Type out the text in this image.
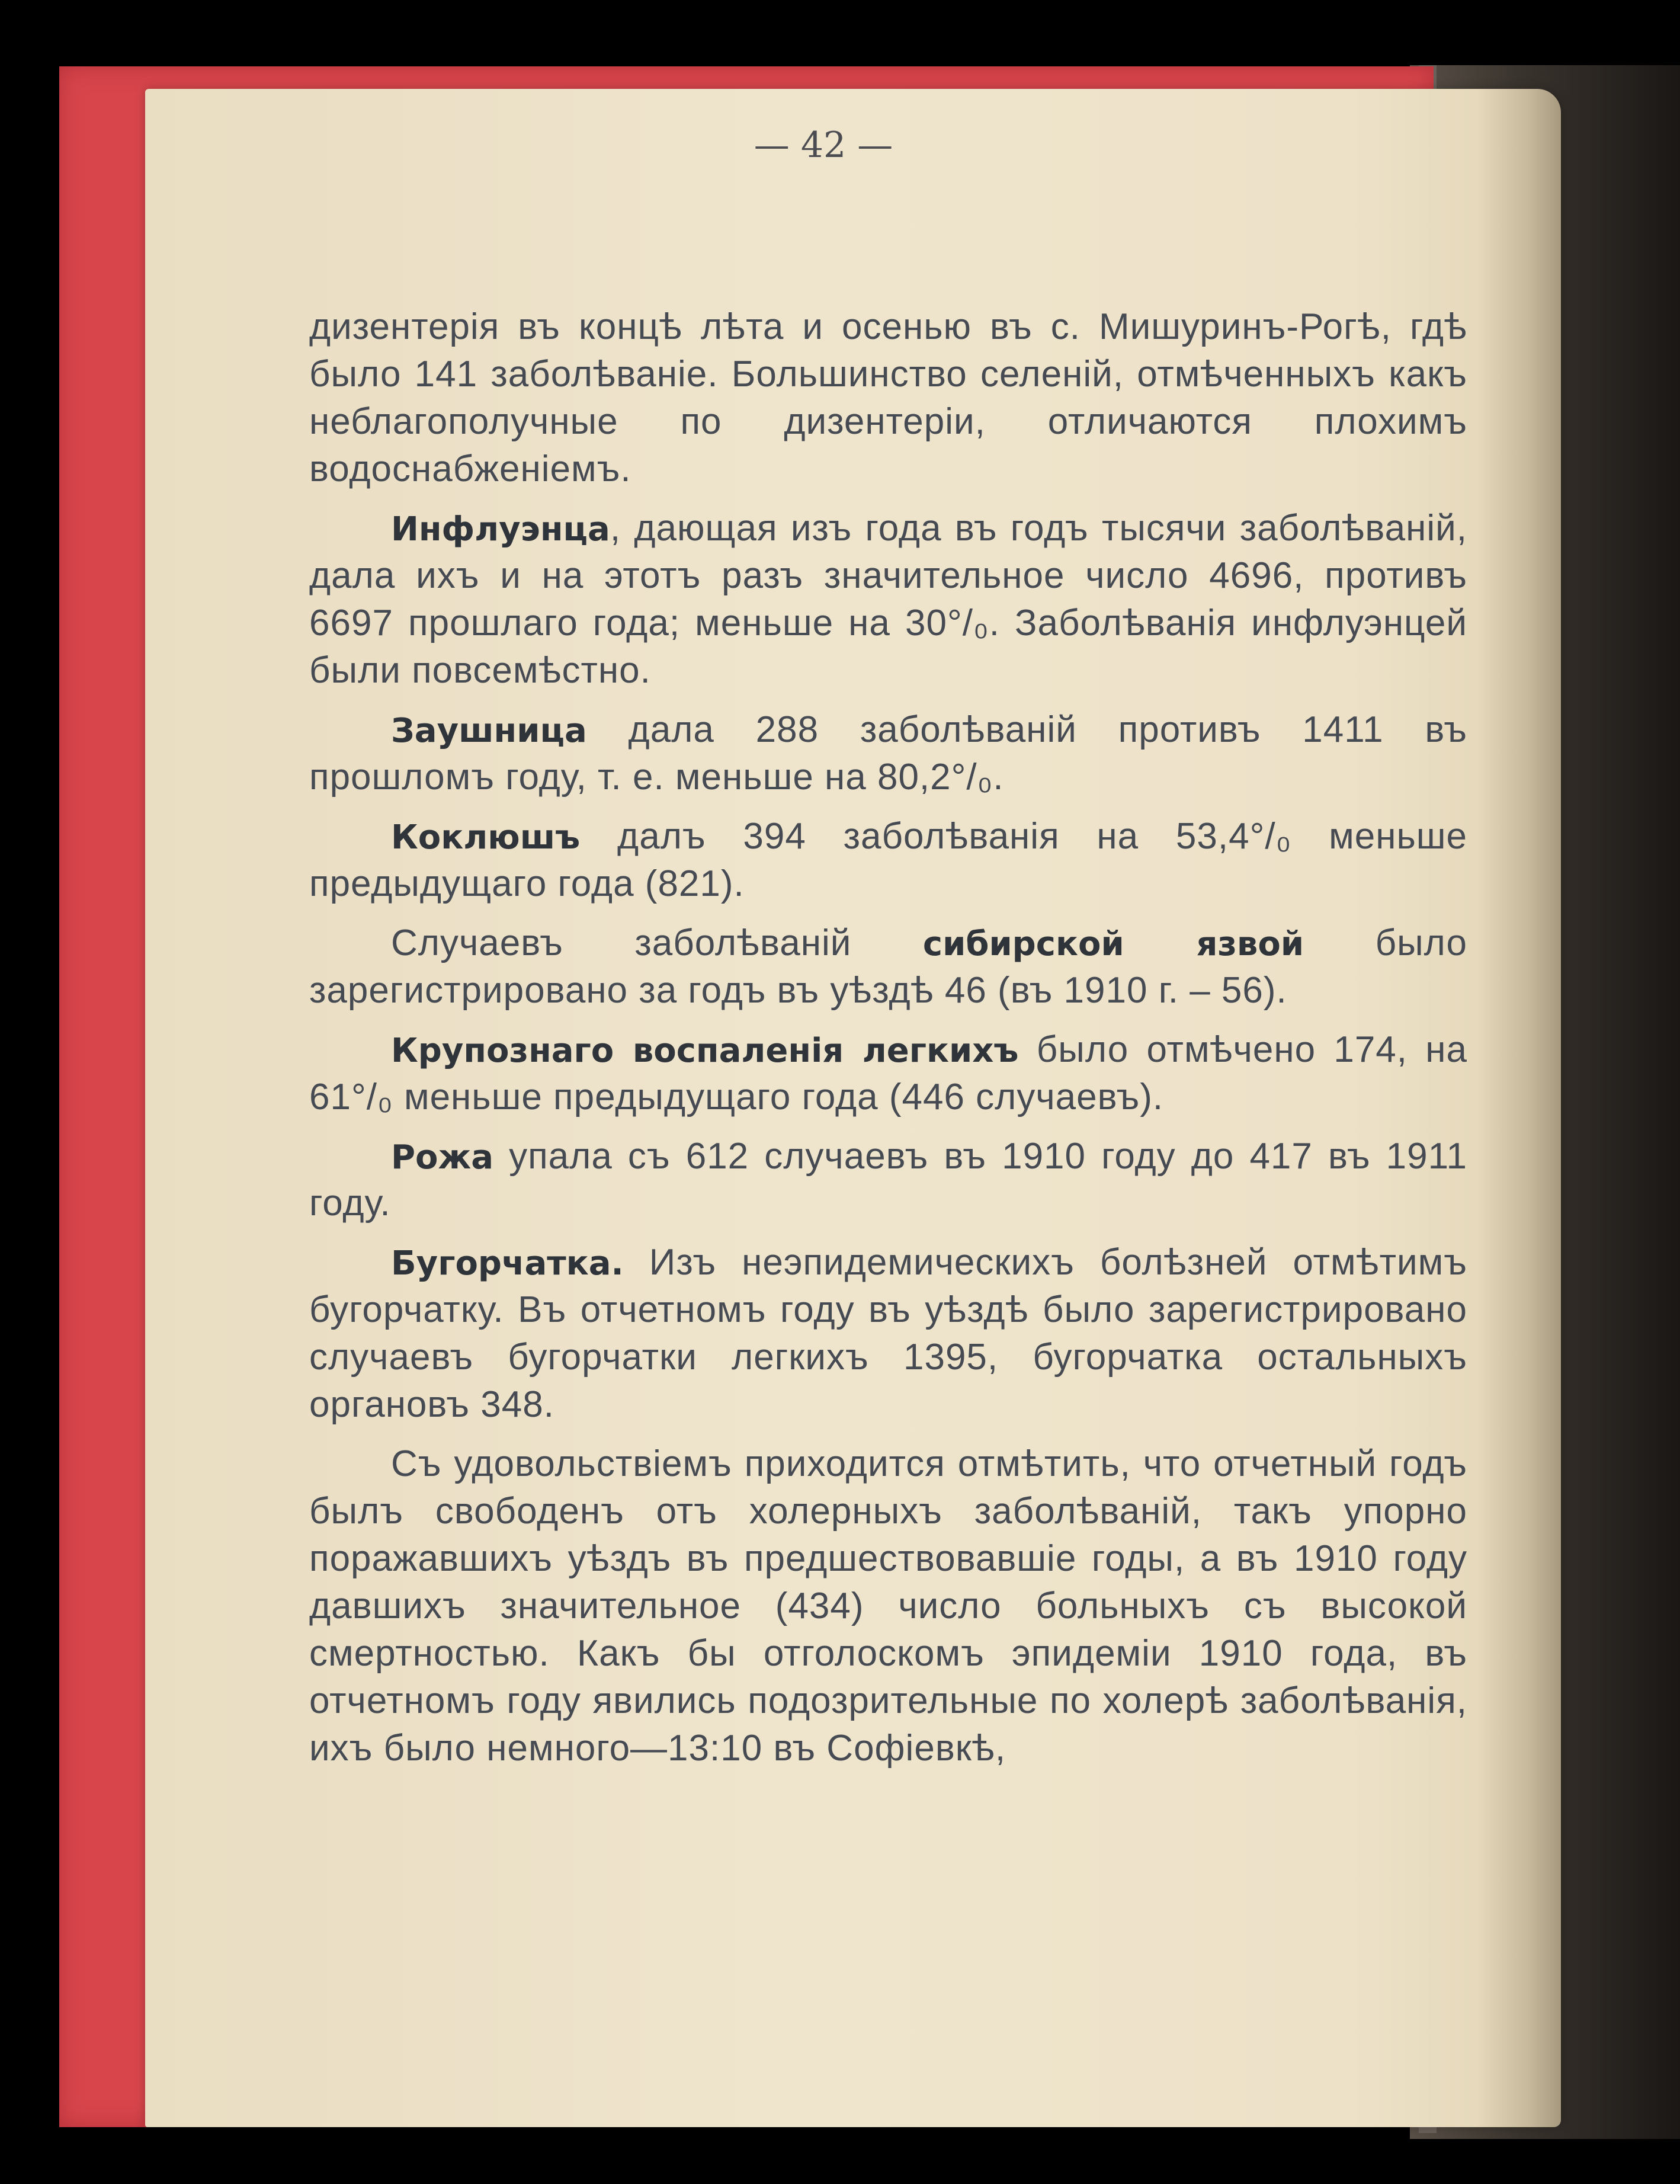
— 42 —

дизентерія въ концѣ лѣта и осенью въ с. Мишуринъ-Рогѣ, гдѣ было 141 заболѣваніе. Большинство селеній, отмѣченныхъ какъ неблагополучные по дизентеріи, отличаются плохимъ водоснабженіемъ.

Инфлуэнца, дающая изъ года въ годъ тысячи заболѣваній, дала ихъ и на этотъ разъ значительное число 4696, противъ 6697 прошлаго года; меньше на 30°/₀. Заболѣванія инфлуэнцей были повсемѣстно.

Заушница дала 288 заболѣваній противъ 1411 въ прошломъ году, т. е. меньше на 80,2°/₀.

Коклюшъ далъ 394 заболѣванія на 53,4°/₀ меньше предыдущаго года (821).

Случаевъ заболѣваній сибирской язвой было зарегистрировано за годъ въ уѣздѣ 46 (въ 1910 г. – 56).

Крупознаго воспаленія легкихъ было отмѣчено 174, на 61°/₀ меньше предыдущаго года (446 случаевъ).

Рожа упала съ 612 случаевъ въ 1910 году до 417 въ 1911 году.

Бугорчатка. Изъ неэпидемическихъ болѣзней отмѣтимъ бугорчатку. Въ отчетномъ году въ уѣздѣ было зарегистрировано случаевъ бугорчатки легкихъ 1395, бугорчатка остальныхъ органовъ 348.

Съ удовольствіемъ приходится отмѣтить, что отчетный годъ былъ свободенъ отъ холерныхъ заболѣваній, такъ упорно поражавшихъ уѣздъ въ предшествовавшіе годы, а въ 1910 году давшихъ значительное (434) число больныхъ съ высокой смертностью. Какъ бы отголоскомъ эпидеміи 1910 года, въ отчетномъ году явились подозрительные по холерѣ заболѣванія, ихъ было немного—13:10 въ Софіевкѣ,
